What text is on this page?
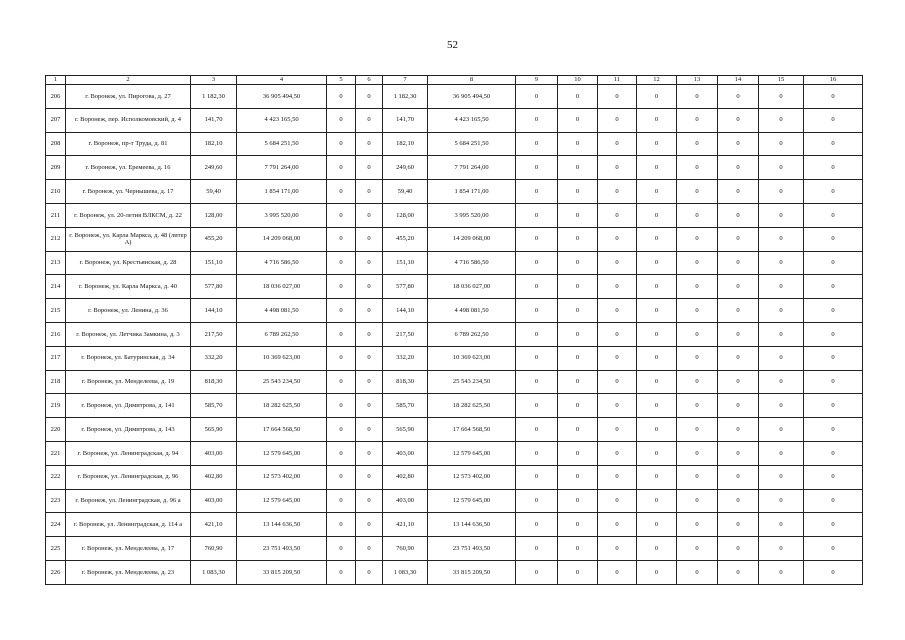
52
1	2	3	4	5	6	7	8	9	10	11	12	13	14	15	16
206	г. Воронеж, ул. Пирогова, д. 27	1 182,30	36 905 494,50	0	0	1 182,30	36 905 494,50	0	0	0	0	0	0	0	0
207	г. Воронеж, пер. Исполкомовский, д. 4	141,70	4 423 165,50	0	0	141,70	4 423 165,50	0	0	0	0	0	0	0	0
208	г. Воронеж, пр-т Труда, д. 81	182,10	5 684 251,50	0	0	182,10	5 684 251,50	0	0	0	0	0	0	0	0
209	г. Воронеж, ул. Еремеева, д. 16	249,60	7 791 264,00	0	0	249,60	7 791 264,00	0	0	0	0	0	0	0	0
210	г. Воронеж, ул. Чернышева, д. 17	59,40	1 854 171,00	0	0	59,40	1 854 171,00	0	0	0	0	0	0	0	0
211	г. Воронеж, ул. 20-летия ВЛКСМ, д. 22	128,00	3 995 520,00	0	0	128,00	3 995 520,00	0	0	0	0	0	0	0	0
212	г. Воронеж, ул. Карла Маркса, д. 48 (литер А)	455,20	14 209 068,00	0	0	455,20	14 209 068,00	0	0	0	0	0	0	0	0
213	г. Воронеж, ул. Крестьянская, д. 28	151,10	4 716 586,50	0	0	151,10	4 716 586,50	0	0	0	0	0	0	0	0
214	г. Воронеж, ул. Карла Маркса, д. 40	577,80	18 036 027,00	0	0	577,80	18 036 027,00	0	0	0	0	0	0	0	0
215	г. Воронеж, ул. Ленина, д. 36	144,10	4 498 081,50	0	0	144,10	4 498 081,50	0	0	0	0	0	0	0	0
216	г. Воронеж, ул. Летчика Замкина, д. 3	217,50	6 789 262,50	0	0	217,50	6 789 262,50	0	0	0	0	0	0	0	0
217	г. Воронеж, ул. Батуринская, д. 34	332,20	10 369 623,00	0	0	332,20	10 369 623,00	0	0	0	0	0	0	0	0
218	г. Воронеж, ул. Менделеева, д. 19	818,30	25 543 234,50	0	0	818,30	25 543 234,50	0	0	0	0	0	0	0	0
219	г. Воронеж, ул. Димитрова, д. 141	585,70	18 282 625,50	0	0	585,70	18 282 625,50	0	0	0	0	0	0	0	0
220	г. Воронеж, ул. Димитрова, д. 143	565,90	17 664 568,50	0	0	565,90	17 664 568,50	0	0	0	0	0	0	0	0
221	г. Воронеж, ул. Ленинградская, д. 94	403,00	12 579 645,00	0	0	403,00	12 579 645,00	0	0	0	0	0	0	0	0
222	г. Воронеж, ул. Ленинградская, д. 96	402,80	12 573 402,00	0	0	402,80	12 573 402,00	0	0	0	0	0	0	0	0
223	г. Воронеж, ул. Ленинградская, д. 96 а	403,00	12 579 645,00	0	0	403,00	12 579 645,00	0	0	0	0	0	0	0	0
224	г. Воронеж, ул. Ленинградская, д. 114 а	421,10	13 144 636,50	0	0	421,10	13 144 636,50	0	0	0	0	0	0	0	0
225	г. Воронеж, ул. Менделеева, д. 17	760,90	23 751 493,50	0	0	760,90	23 751 493,50	0	0	0	0	0	0	0	0
226	г. Воронеж, ул. Менделеева, д. 23	1 083,30	33 815 209,50	0	0	1 083,30	33 815 209,50	0	0	0	0	0	0	0	0
